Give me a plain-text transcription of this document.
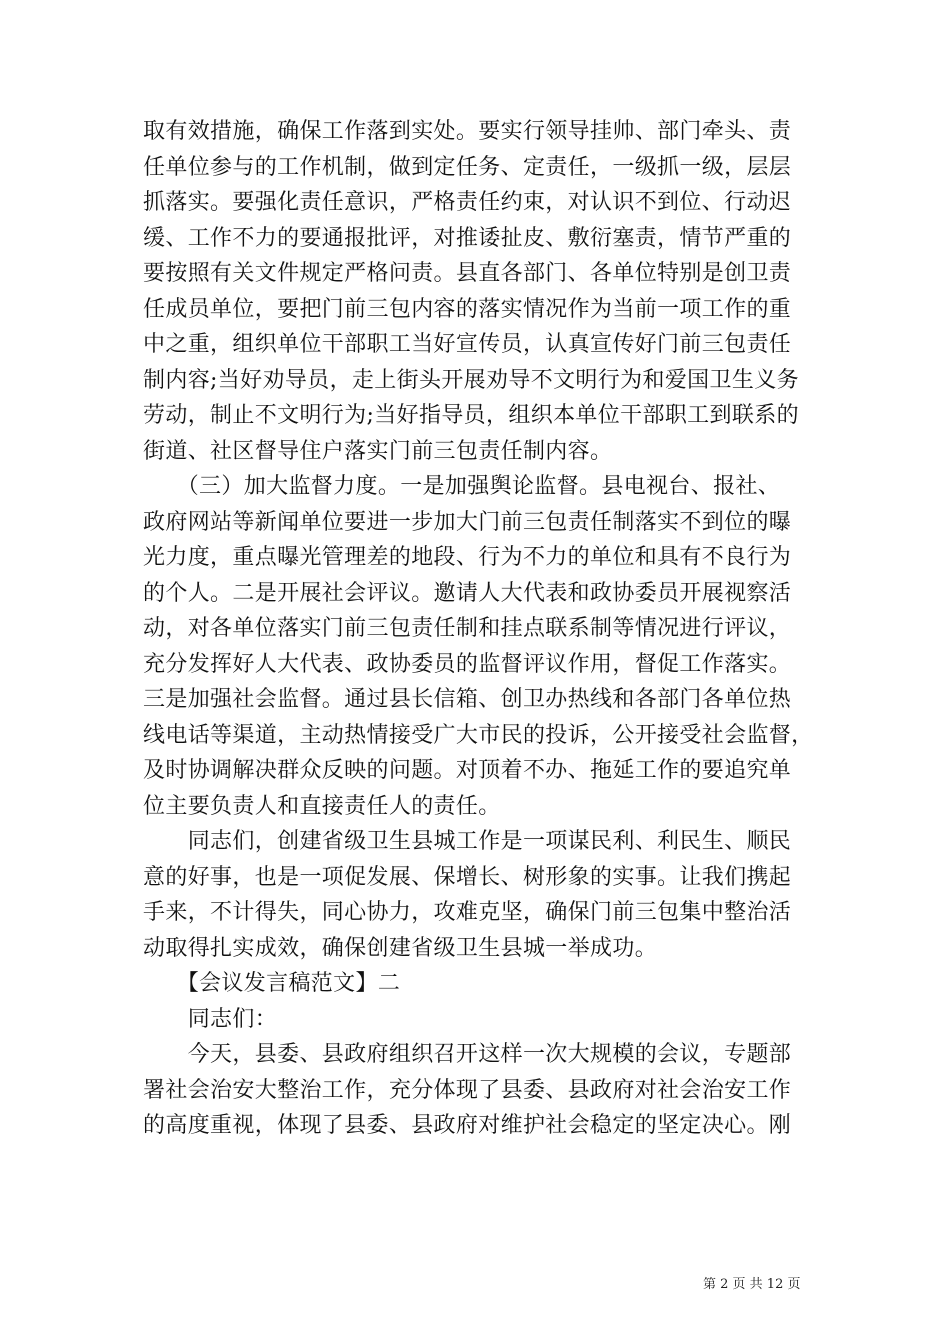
取有效措施，确保工作落到实处。要实行领导挂帅、部门牵头、责

任单位参与的工作机制，做到定任务、定责任，一级抓一级，层层

抓落实。要强化责任意识，严格责任约束，对认识不到位、行动迟

缓、工作不力的要通报批评，对推诿扯皮、敷衍塞责，情节严重的

要按照有关文件规定严格问责。县直各部门、各单位特别是创卫责

任成员单位，要把门前三包内容的落实情况作为当前一项工作的重

中之重，组织单位干部职工当好宣传员，认真宣传好门前三包责任

制内容;当好劝导员，走上街头开展劝导不文明行为和爱国卫生义务

劳动，制止不文明行为;当好指导员，组织本单位干部职工到联系的

街道、社区督导住户落实门前三包责任制内容。

　　（三）加大监督力度。一是加强舆论监督。县电视台、报社、

政府网站等新闻单位要进一步加大门前三包责任制落实不到位的曝

光力度，重点曝光管理差的地段、行为不力的单位和具有不良行为

的个人。二是开展社会评议。邀请人大代表和政协委员开展视察活

动，对各单位落实门前三包责任制和挂点联系制等情况进行评议，

充分发挥好人大代表、政协委员的监督评议作用，督促工作落实。

三是加强社会监督。通过县长信箱、创卫办热线和各部门各单位热

线电话等渠道，主动热情接受广大市民的投诉，公开接受社会监督，

及时协调解决群众反映的问题。对顶着不办、拖延工作的要追究单

位主要负责人和直接责任人的责任。

　　同志们，创建省级卫生县城工作是一项谋民利、利民生、顺民

意的好事，也是一项促发展、保增长、树形象的实事。让我们携起

手来，不计得失，同心协力，攻难克坚，确保门前三包集中整治活

动取得扎实成效，确保创建省级卫生县城一举成功。

　　【会议发言稿范文】二

　　同志们：

　　今天，县委、县政府组织召开这样一次大规模的会议，专题部

署社会治安大整治工作，充分体现了县委、县政府对社会治安工作

的高度重视，体现了县委、县政府对维护社会稳定的坚定决心。刚

第 2 页 共 12 页
